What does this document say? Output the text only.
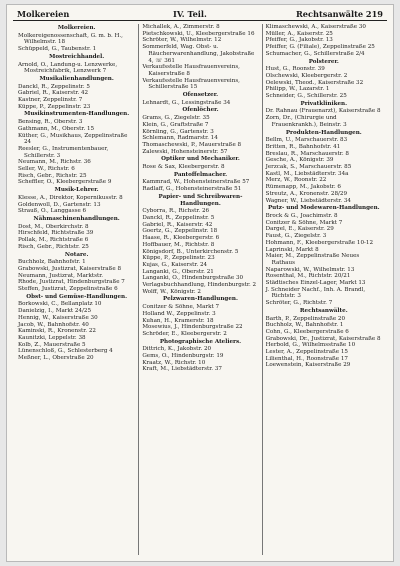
Molkereien	IV. Teil.	Rechtsanwälte 219
Molkereien.
Molkereigenossenschaft, G. m. b. H., Wilhelmstr. 18
Schüppeld, G., Taubenstr. 1
Mostreichhandel.
Arnold, O., Landung-u. Lenzwerke, Mostreichfabrik, Lenzwerk 7
Musikalienhandlungen.
Danckl, R., Zeppelinstr. 5
Gabriel, R., Kaiserstr. 42
Kastner, Zeppelinstr. 7
Küppe, P., Zeppelinstr. 23
Musikinstrumenten-Handlungen.
Bensing, R., Oberstr. 3
Gathmann, M., Oberstr. 15
Küther, G., Musikhaus, Zeppelinstraße 24
Reesler, G., Instrumentenbauer, Schillerstr. 3
Neumann, M., Richstr. 36
Seller, W., Richstr. 6
Risch, Gebr., Richstr. 25
Scheffler, O., Kleebergerstraße 9
Musik-Lehrer.
Klesse, A., Direktor, Kopernikusstr. 8
Goldenwoll, D., Gartenstr. 13
Strauß, O., Langgasse 6
Nähmaschinenhandlungen.
Dost, M., Oberkirchstr. 8
Hirschfeld, Richtstraße 39
Pollak, M., Richtstraße 6
Risch, Gebr., Richtstr. 25
Notare.
Buchholz, Bahnhofstr. 1
Grabowski, Justizrat, Kaiserstraße 8
Neumann, Justizrat, Marktstr.
Rhode, Justizrat, Hindenburgstraße 7
Steffen, Justizrat, Zeppelinstraße 6
Obst- und Gemüse-Handlungen.
Borkowski, C., Bellanplatz 10
Danielzig, I., Markt 24/25
Hennig, W., Kaiserstraße 30
Jacob, W., Bahnhofstr. 40
Kaminski, R., Kronenstr. 22
Kaunitzki, Leppelstr. 38
Kolb, Z., Mauerstraße 5
Lünenschloß, G., Schlesterberg 4
Meßner, L., Oberstraße 20
Michallek, A., Zimmerstr. 8
Pietschkowski, U., Kleebergerstraße 16
Schröter, W., Wilhelmstr. 12
Sommerfeld, Wag. Obst- u. Räucherwarenhandlung, Jakobstraße 4, ☏ 361
Verkaufsstelle Hausfrauenvereins, Kaiserstraße 8
Verkaufsstelle Hausfrauenvereins, Schillerstraße 15
Ofensetzer.
Lehnardt, G., Lessingstraße 34
Ofenlöcher.
Grams, G., Ziegelstr. 35
Klein, G., Graftstraße 7
Körnling, G., Gartenstr. 3
Schlemann, Radmarstr. 14
Thomaschewski, P., Mauerstraße 8
Zalewski, Hohensteinerstr. 57
Optiker und Mechaniker.
Rose & Sax, Kleebergerstr. 8
Pantoffelmacher.
Kammrad, W., Hohensteinerstraße 57
Radlaff, G., Hohensteinerstraße 51
Papier- und Schreibwaren-Handlungen.
Cyborra, R., Richstr. 26
Danckl, R., Zeppelinstr. 5
Gabriel, R., Kaiserstr. 42
Goertz, G., Zeppelinstr. 18
Haase, R., Kleebergerstr. 6
Hoffbauer, M., Richtstr. 8
Königsdorf, B., Unterkirchenstr. 5
Küppe, P., Zeppelinstr. 23
Kujas, G., Kaiserstr. 24
Langanki, G., Oberstr. 21
Langanki, O., Hindenburgstraße 30
Verlagsbuchhandlung, Hindenburgstr. 2
Wolff, W., Königstr. 2
Pelzwaren-Handlungen.
Conitzer & Söhne, Markt 7
Holland W., Zeppelinstr. 3
Kuhan, H., Kramerstr. 18
Mosewius, J., Hindenburgstraße 22
Schröder, E., Kleebergerstr. 2
Photographische Ateliers.
Dittrich, K., Jakobstr. 20
Gems, O., Hindenburgstr. 19
Kraatz, W., Richstr. 10
Kraft, M., Liebstädterstr. 37
Klimaschewski, A., Kaiserstraße 30
Müller, A., Kaiserstr. 25
Pfeiffer, G., Jakobstr. 13
Pfeiffer, G. (Filiale), Zeppelinstraße 25
Schumacher, G., Schillerstraße 2/4
Polsterer.
Hust, G., Roonstr. 39
Olschewski, Kleebergerstr. 2
Oelewski, Theod., Kaiserstraße 32
Philipp, W., Lazarstr. 1
Schneider, G., Schillerstr. 25
Privatkliniken.
Dr. Rahnau (Frauenarzt), Kaiserstraße 8
Zorn, Dr., (Chirurgie und Frauenkrankh.), Beinstr. 3
Produkten-Handlungen.
Bellm, U., Marschauerstr. 83
Britten, R., Bahnhofstr. 41
Breslau, R., Marschauerstr. 8
Gesche, A., Königstr. 39
Jerzcak, S., Marschauerstr. 85
Kastl, M., Liebstädterstr. 34a
Merz, W., Roonstr. 22
Rümenapp, M., Jakobstr. 6
Streutz, A., Kronenstr. 28/29
Wagner, W., Liebstädterstr. 34
Putz- und Modewaren-Handlungen.
Brock & G., Joachimstr. 8
Conitzer & Söhne, Markt 7
Dargel, E., Kaiserstr. 29
Faust, G., Ziegelstr. 3
Hohmann, F., Kleebergerstraße 10-12
Laprinski, Markt 8
Maier, M., Zeppelinstraße Neues Rathaus
Naparowski, W., Wilhelmstr. 13
Rosenthal, M., Richtstr. 20/21
Städtisches Einzel-Lager, Markt 13
J. Schneider Nachf., Inh. A. Brandl, Richtstr. 3
Schröter, G., Richtstr. 7
Rechtsanwälte.
Barth, P., Zeppelinstraße 20
Buchholz, W., Bahnhofstr. 1
Cohn, G., Kleebergerstraße 6
Grabowski, Dr., Justizrat, Kaiserstraße 8
Herbold, G., Wilhelmsstraße 10
Lester, A., Zeppelinstraße 15
Lilienthal, H., Roonstraße 17
Loewenstein, Kaiserstraße 29
